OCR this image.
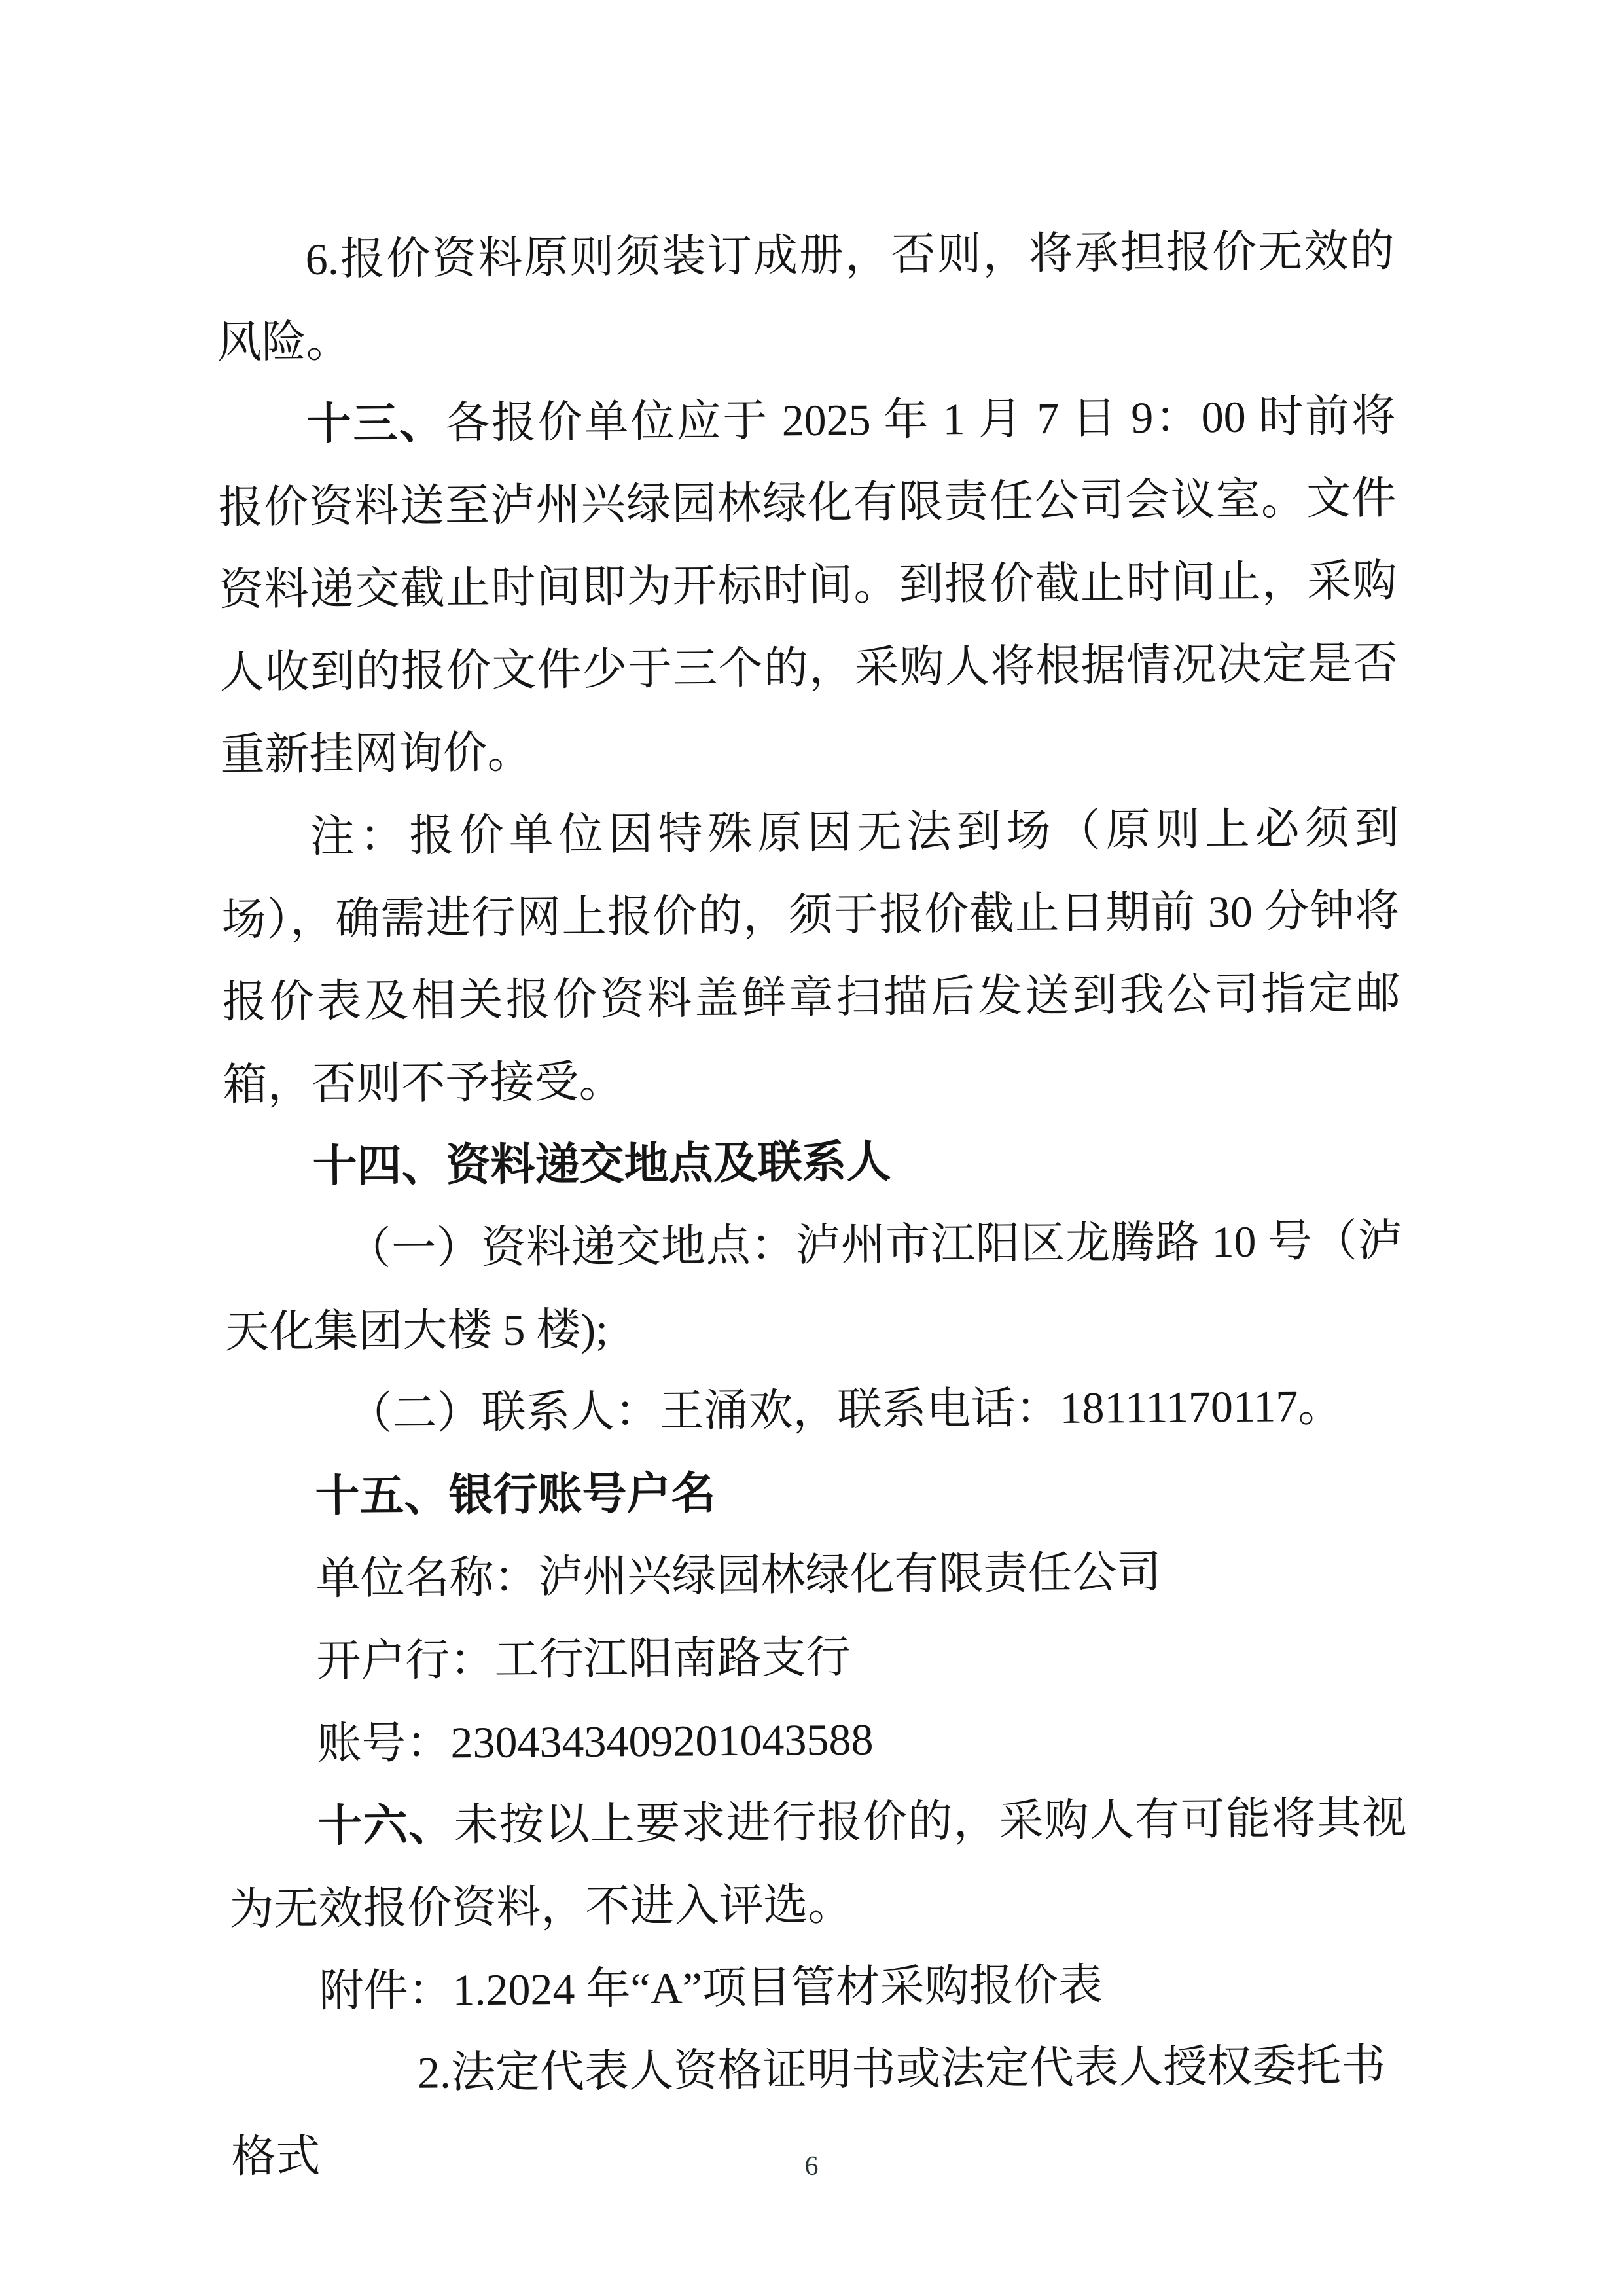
6.报价资料原则须装订成册，否则，将承担报价无效的风险。

十三、各报价单位应于 2025 年 1 月 7 日 9：00 时前将报价资料送至泸州兴绿园林绿化有限责任公司会议室。文件资料递交截止时间即为开标时间。到报价截止时间止，采购人收到的报价文件少于三个的，采购人将根据情况决定是否重新挂网询价。

注：报价单位因特殊原因无法到场（原则上必须到场），确需进行网上报价的，须于报价截止日期前 30 分钟将报价表及相关报价资料盖鲜章扫描后发送到我公司指定邮箱，否则不予接受。

十四、资料递交地点及联系人

（一）资料递交地点：泸州市江阳区龙腾路 10 号（泸天化集团大楼 5 楼);

（二）联系人：王涌欢，联系电话：18111170117。

十五、银行账号户名

单位名称：泸州兴绿园林绿化有限责任公司

开户行：工行江阳南路支行

账号：2304343409201043588

十六、未按以上要求进行报价的，采购人有可能将其视为无效报价资料，不进入评选。

附件：1.2024 年“A”项目管材采购报价表

2.法定代表人资格证明书或法定代表人授权委托书格式	6
